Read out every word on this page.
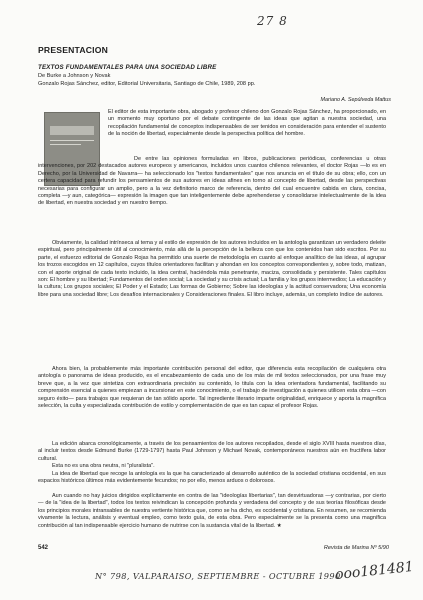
27 8
PRESENTACION
TEXTOS FUNDAMENTALES PARA UNA SOCIEDAD LIBRE
De Burke a Johnson y Novak
Gonzalo Rojas Sánchez, editor, Editorial Universitaria, Santiago de Chile, 1989, 208 pp.
Mariano A. Sepúlveda Mattus

El editor de esta importante obra, abogado y profesor chileno don Gonzalo Rojas Sánchez, ha proporcionado, en un momento muy oportuno por el debate contingente de las ideas que agitan a nuestra sociedad, una recopilación fundamental de conceptos indispensables de ser tenidos en consideración para entender el sustento de la noción de libertad, especialmente desde la perspectiva política del hombre.

De entre las opiniones formuladas en libros, publicaciones periódicas, conferencias u otras intervenciones, por 202 destacados autores europeos y americanos, incluidos unos cuantos chilenos relevantes, el doctor Rojas —lo es en Derecho, por la Universidad de Navarra— ha seleccionado los "textos fundamentales" que nos anuncia en el título de su obra; ello, con un certera capacidad para refundir los pensamientos de sus autores en ideas afines en torno al concepto de libertad, desde las perspectivas necesarias para configurar un amplio, pero a la vez definitorio marco de referencia, dentro del cual encuentre cabida en clara, concisa, completa —y aun, categórica— expresión la imagen que tan inteligentemente debe aprehenderse y consolidarse intelectualmente de la idea de libertad, en nuestra sociedad y en nuestro tiempo.

Obviamente, la calidad intrínseca al tema y al estilo de expresión de los autores incluidos en la antología garantizan un verdadero deleite espiritual, pero principalmente útil al conocimiento, más allá de la percepción de la belleza con que los contenidos han sido escritos. Por su parte, el esfuerzo editorial de Gonzalo Rojas ha permitido una suerte de metodología en cuanto al enfoque analítico de las ideas, al agrupar los trozos escogidos en 12 capítulos, cuyos títulos orientadores facilitan y ahondan en los conceptos correspondientes y, sobre todo, matizan, con el aporte original de cada texto incluido, la idea central, haciéndola más penetrante, maciza, consolidada y persistente. Tales capítulos son: El hombre y su libertad; Fundamentos del orden social; La sociedad y su crisis actual; La familia y los grupos intermedios; La educación y la cultura; Los grupos sociales; El Poder y el Estado; Las formas de Gobierno; Sobre las ideologías y la actitud conservadora; Una economía libre para una sociedad libre; Los desafíos internacionales y Consideraciones finales. El libro incluye, además, un completo índice de autores.

Ahora bien, la probablemente más importante contribución personal del editor, que diferencia esta recopilación de cualquiera otra antología o panorama de ideas producido, es el encabezamiento de cada uno de los más de mil textos seleccionados, por una frase muy breve que, a la vez que sintetiza con extraordinaria precisión su contenido, lo titula con la idea orientadora fundamental, facilitando su comprensión esencial a quienes empiezan a incursionar en este conocimiento, o el trabajo de investigación a quienes utilicen esta obra —con seguro éxito— para trabajos que requieran de tan sólido aporte. Tal ingrediente literario imparte originalidad, enriquece y aporta la magnífica selección, la culta y especializada contribución de estilo y complementación de que es tan capaz el profesor Rojas.

La edición abarca cronológicamente, a través de los pensamientos de los autores recopilados, desde el siglo XVIII hasta nuestros días, al incluir textos desde Edmund Burke (1729-1797) hasta Paul Johnson y Michael Novak, contemporáneos nuestros aún en fructífera labor cultural.

Esta no es una obra neutra, ni "pluralista".

La idea de libertad que recoge la antología es la que ha caracterizado al desarrollo auténtico de la sociedad cristiana occidental, en sus espacios históricos últimos más evidentemente fecundos; no por ello, menos arduos o dolorosos.

Aun cuando no hay juicios dirigidos explícitamente en contra de las "ideologías libertarias", tan desvirtuadoras —y contrarias, por cierto— de la "idea de la libertad", todos los textos reivindican la concepción profunda y verdadera del concepto y de sus teorías filosóficas desde los principios morales intransables de nuestra vertiente histórica que, como se ha dicho, es occidental y cristiana. En resumen, se recomienda vivamente la lectura, análisis y eventual empleo, como texto guía, de esta obra. Pero especialmente se la presenta como una magnífica contribución al tan indispensable ejercicio humano de nutrirse con la sustancia vital de la libertad. ★

542	Revista de Marina Nº 5/90
N° 798, VALPARAISO, SEPTIEMBRE - OCTUBRE 1990
ooo181481
